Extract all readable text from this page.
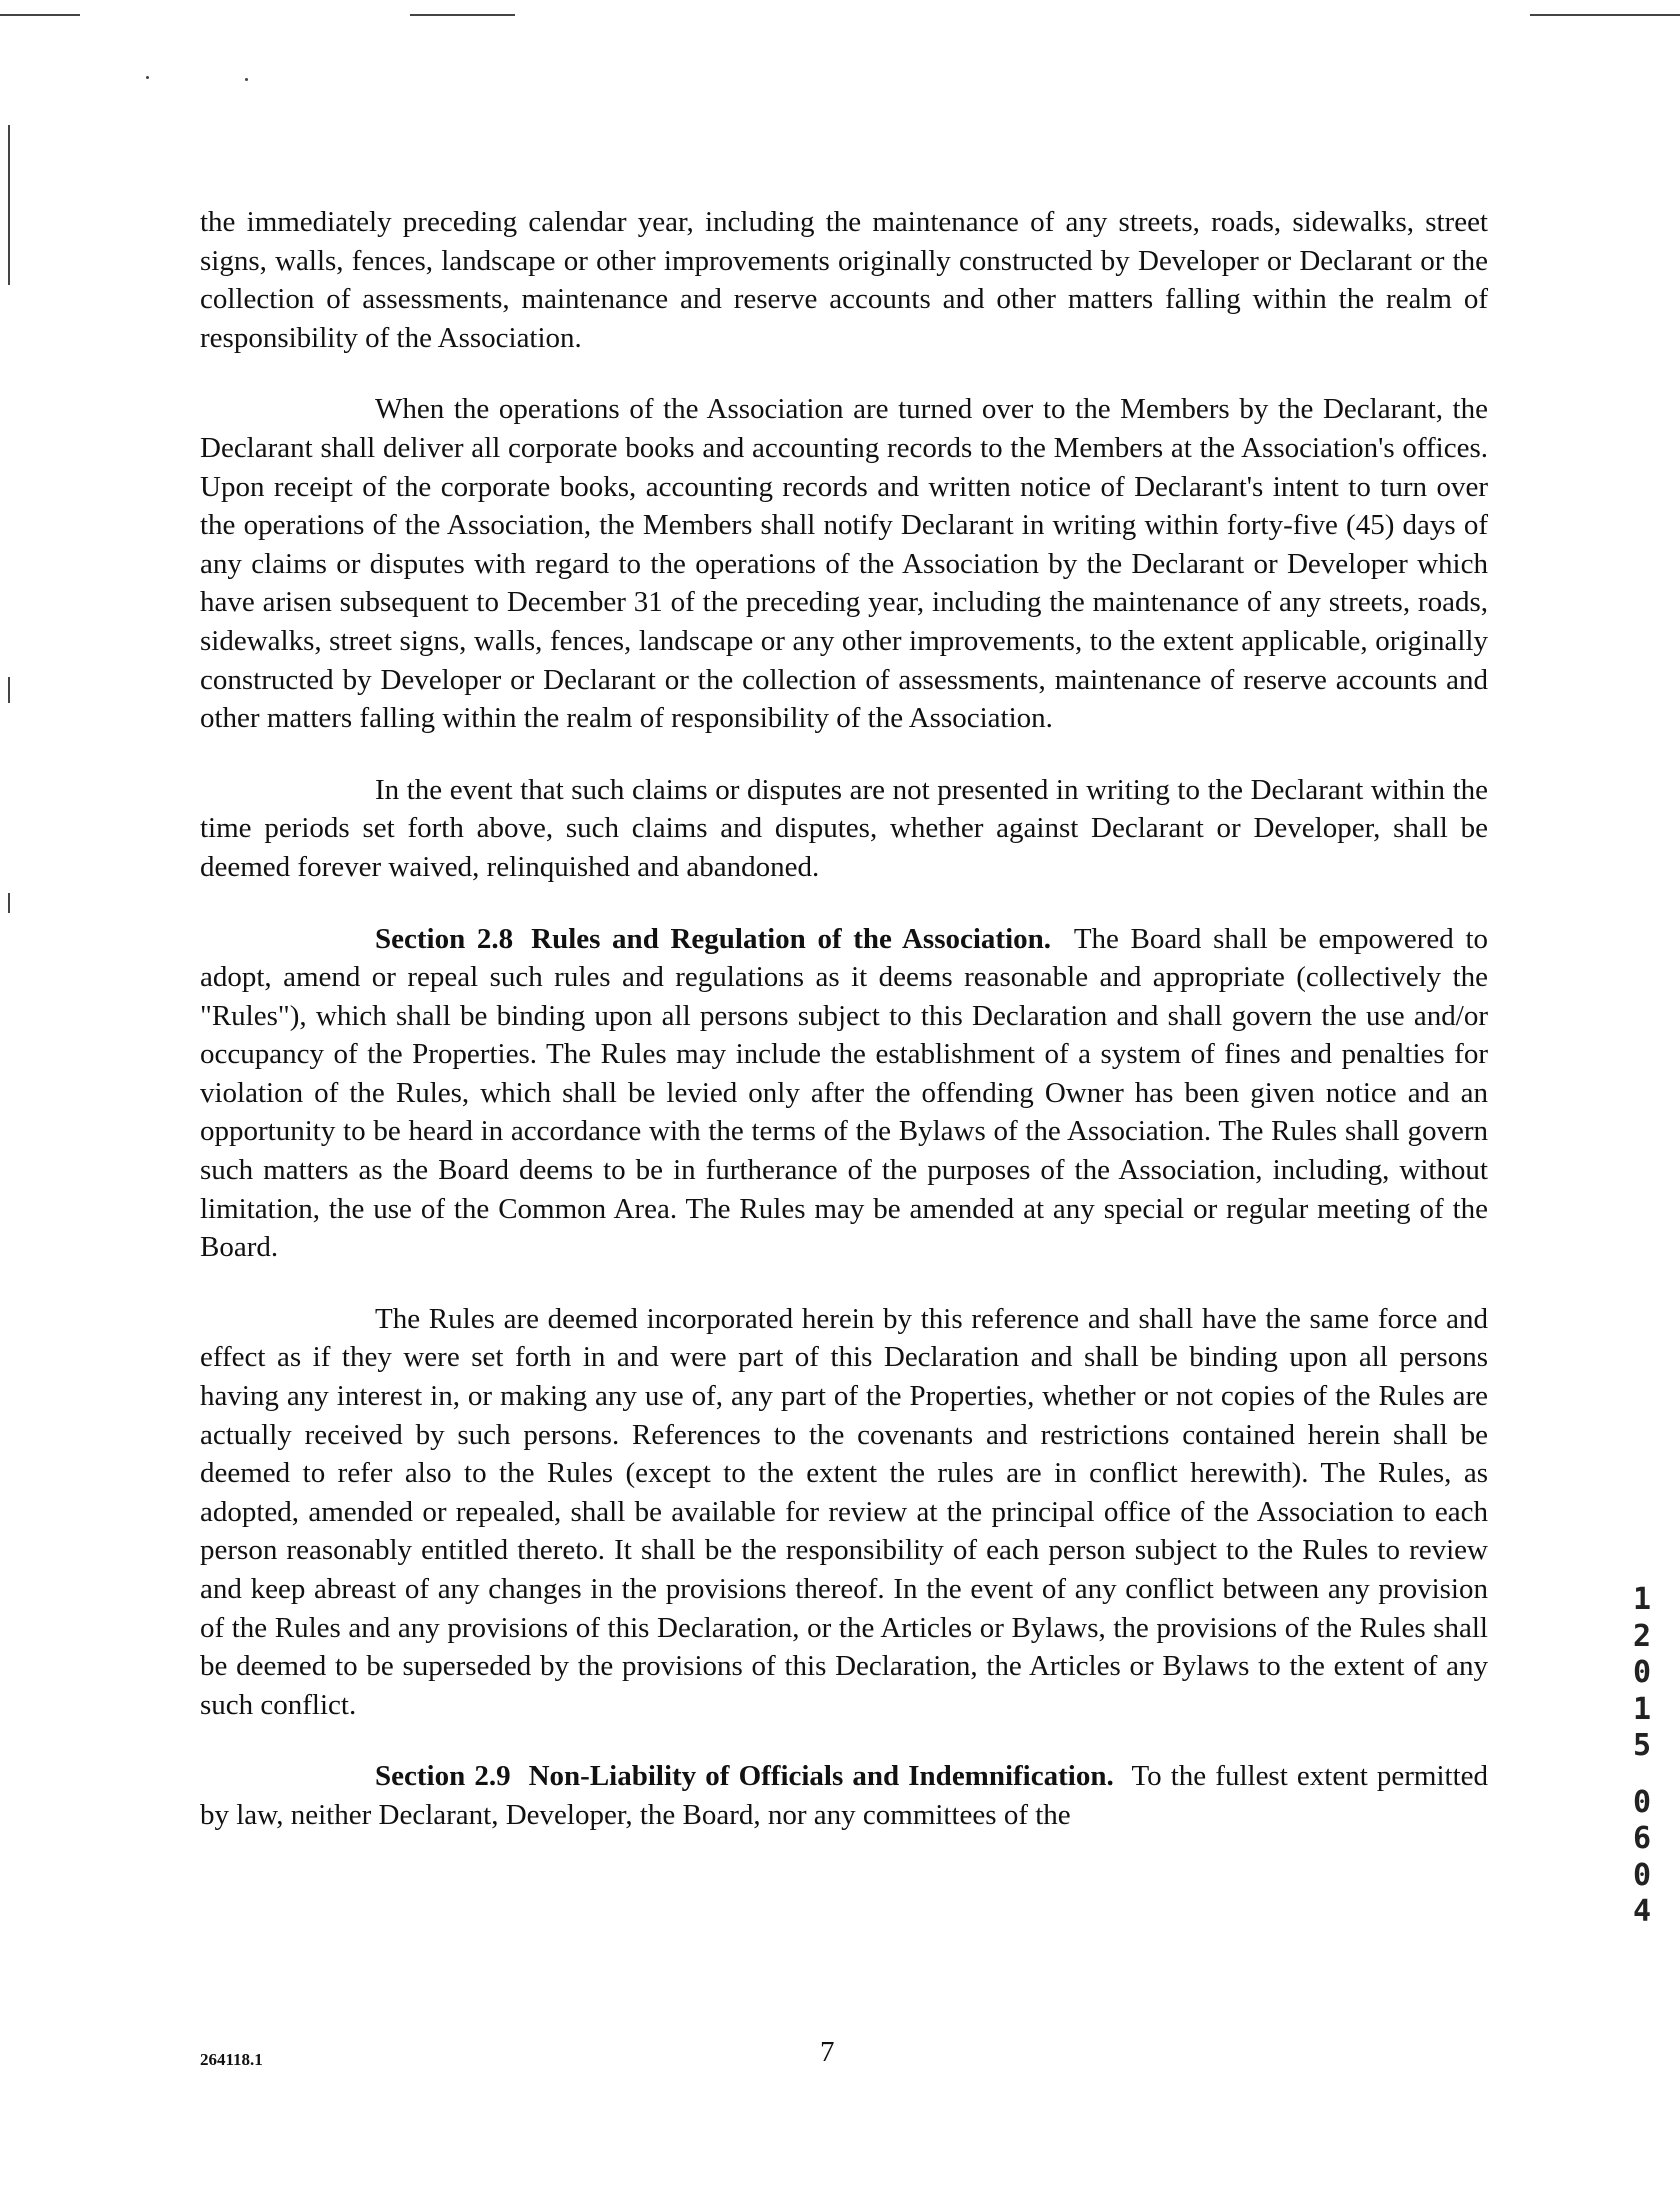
the immediately preceding calendar year, including the maintenance of any streets, roads, sidewalks, street signs, walls, fences, landscape or other improvements originally constructed by Developer or Declarant or the collection of assessments, maintenance and reserve accounts and other matters falling within the realm of responsibility of the Association.

When the operations of the Association are turned over to the Members by the Declarant, the Declarant shall deliver all corporate books and accounting records to the Members at the Association's offices. Upon receipt of the corporate books, accounting records and written notice of Declarant's intent to turn over the operations of the Association, the Members shall notify Declarant in writing within forty-five (45) days of any claims or disputes with regard to the operations of the Association by the Declarant or Developer which have arisen subsequent to December 31 of the preceding year, including the maintenance of any streets, roads, sidewalks, street signs, walls, fences, landscape or any other improvements, to the extent applicable, originally constructed by Developer or Declarant or the collection of assessments, maintenance of reserve accounts and other matters falling within the realm of responsibility of the Association.

In the event that such claims or disputes are not presented in writing to the Declarant within the time periods set forth above, such claims and disputes, whether against Declarant or Developer, shall be deemed forever waived, relinquished and abandoned.

Section 2.8 Rules and Regulation of the Association. The Board shall be empowered to adopt, amend or repeal such rules and regulations as it deems reasonable and appropriate (collectively the "Rules"), which shall be binding upon all persons subject to this Declaration and shall govern the use and/or occupancy of the Properties. The Rules may include the establishment of a system of fines and penalties for violation of the Rules, which shall be levied only after the offending Owner has been given notice and an opportunity to be heard in accordance with the terms of the Bylaws of the Association. The Rules shall govern such matters as the Board deems to be in furtherance of the purposes of the Association, including, without limitation, the use of the Common Area. The Rules may be amended at any special or regular meeting of the Board.

The Rules are deemed incorporated herein by this reference and shall have the same force and effect as if they were set forth in and were part of this Declaration and shall be binding upon all persons having any interest in, or making any use of, any part of the Properties, whether or not copies of the Rules are actually received by such persons. References to the covenants and restrictions contained herein shall be deemed to refer also to the Rules (except to the extent the rules are in conflict herewith). The Rules, as adopted, amended or repealed, shall be available for review at the principal office of the Association to each person reasonably entitled thereto. It shall be the responsibility of each person subject to the Rules to review and keep abreast of any changes in the provisions thereof. In the event of any conflict between any provision of the Rules and any provisions of this Declaration, or the Articles or Bylaws, the provisions of the Rules shall be deemed to be superseded by the provisions of this Declaration, the Articles or Bylaws to the extent of any such conflict.

Section 2.9 Non-Liability of Officials and Indemnification. To the fullest extent permitted by law, neither Declarant, Developer, the Board, nor any committees of the

1
2
0
1
5
0
6
0
4
264118.1	7
